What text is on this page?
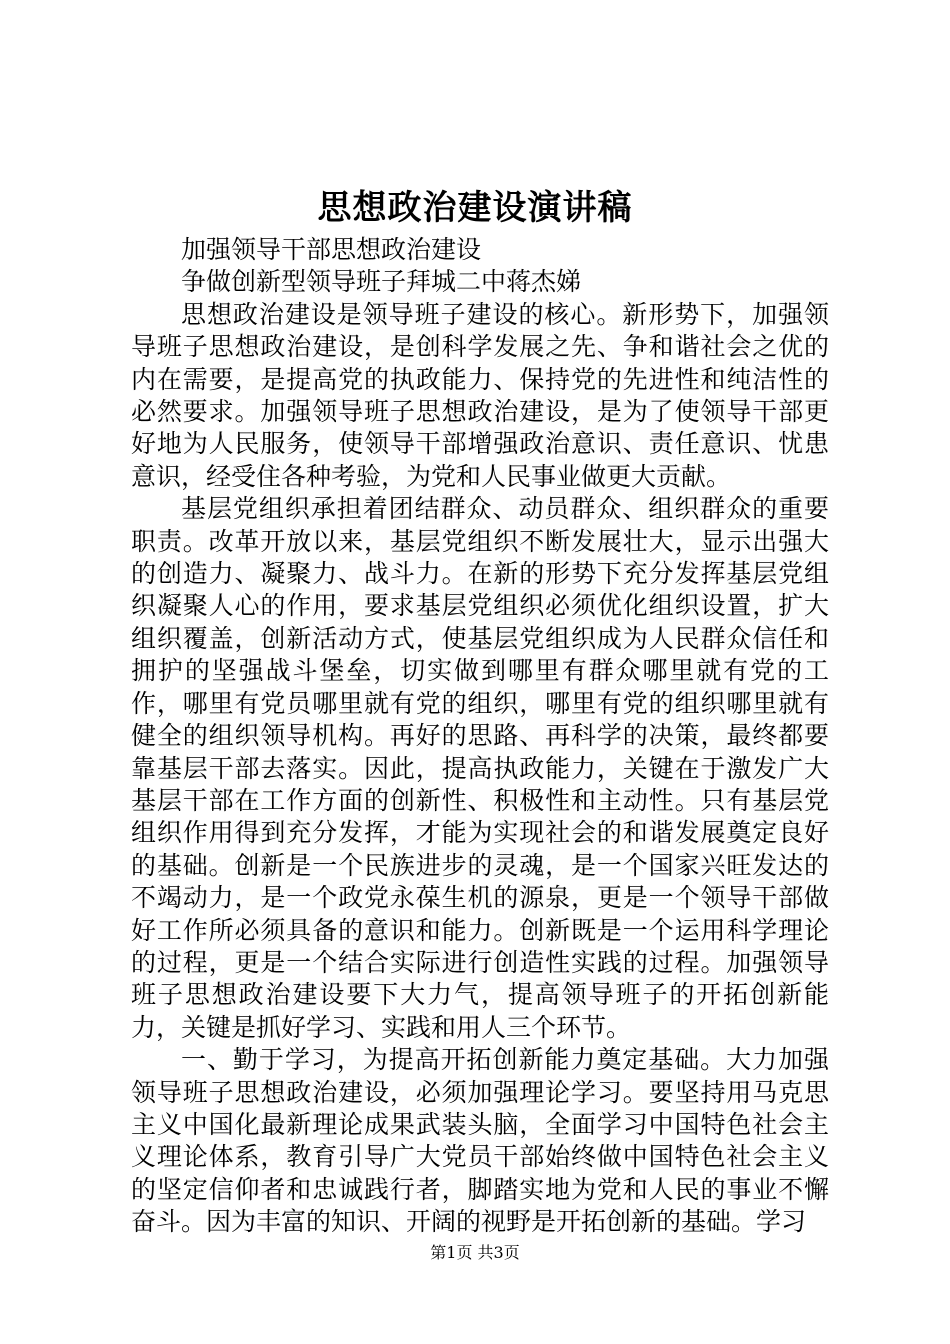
思想政治建设演讲稿

加强领导干部思想政治建设

争做创新型领导班子拜城二中蒋杰娣

思想政治建设是领导班子建设的核心。新形势下，加强领导班子思想政治建设，是创科学发展之先、争和谐社会之优的内在需要，是提高党的执政能力、保持党的先进性和纯洁性的必然要求。加强领导班子思想政治建设，是为了使领导干部更好地为人民服务，使领导干部增强政治意识、责任意识、忧患意识，经受住各种考验，为党和人民事业做更大贡献。

基层党组织承担着团结群众、动员群众、组织群众的重要职责。改革开放以来，基层党组织不断发展壮大，显示出强大的创造力、凝聚力、战斗力。在新的形势下充分发挥基层党组织凝聚人心的作用，要求基层党组织必须优化组织设置，扩大组织覆盖，创新活动方式，使基层党组织成为人民群众信任和拥护的坚强战斗堡垒，切实做到哪里有群众哪里就有党的工作，哪里有党员哪里就有党的组织，哪里有党的组织哪里就有健全的组织领导机构。再好的思路、再科学的决策，最终都要靠基层干部去落实。因此，提高执政能力，关键在于激发广大基层干部在工作方面的创新性、积极性和主动性。只有基层党组织作用得到充分发挥，才能为实现社会的和谐发展奠定良好的基础。创新是一个民族进步的灵魂，是一个国家兴旺发达的不竭动力，是一个政党永葆生机的源泉，更是一个领导干部做好工作所必须具备的意识和能力。创新既是一个运用科学理论的过程，更是一个结合实际进行创造性实践的过程。加强领导班子思想政治建设要下大力气，提高领导班子的开拓创新能力，关键是抓好学习、实践和用人三个环节。

一、勤于学习，为提高开拓创新能力奠定基础。大力加强领导班子思想政治建设，必须加强理论学习。要坚持用马克思主义中国化最新理论成果武装头脑，全面学习中国特色社会主义理论体系，教育引导广大党员干部始终做中国特色社会主义的坚定信仰者和忠诚践行者，脚踏实地为党和人民的事业不懈奋斗。因为丰富的知识、开阔的视野是开拓创新的基础。学习

第1页 共3页
